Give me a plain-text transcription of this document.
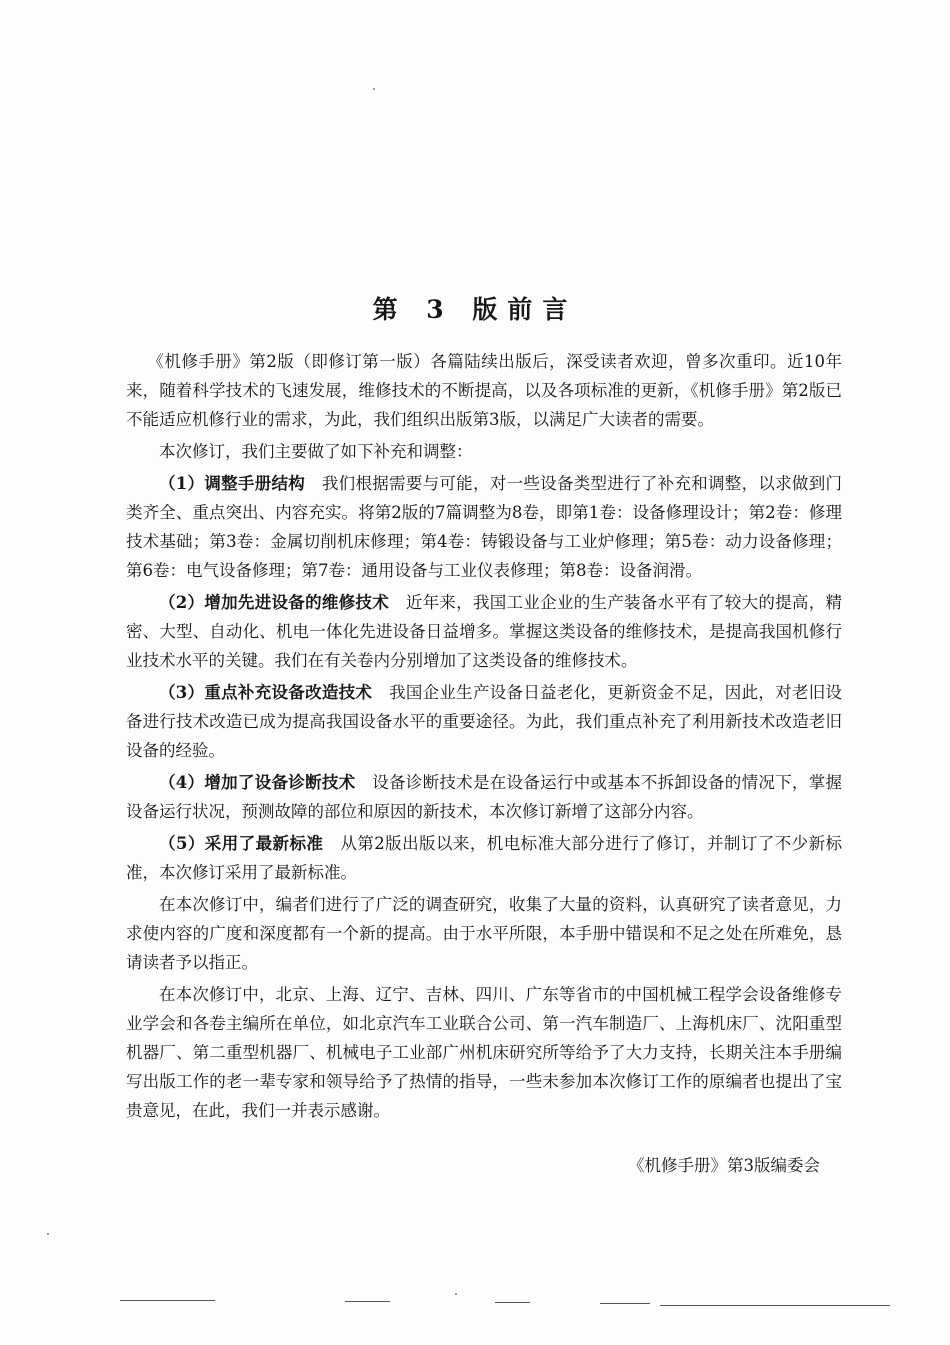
第 3 版前言

《机修手册》第2版（即修订第一版）各篇陆续出版后，深受读者欢迎，曾多次重印。近10年来，随着科学技术的飞速发展，维修技术的不断提高，以及各项标准的更新，《机修手册》第2版已不能适应机修行业的需求，为此，我们组织出版第3版，以满足广大读者的需要。

本次修订，我们主要做了如下补充和调整：

（1）调整手册结构　 我们根据需要与可能，对一些设备类型进行了补充和调整，以求做到门类齐全、重点突出、内容充实。将第2版的7篇调整为8卷，即第1卷：设备修理设计；第2卷：修理技术基础；第3卷：金属切削机床修理；第4卷：铸锻设备与工业炉修理；第5卷：动力设备修理；第6卷：电气设备修理；第7卷：通用设备与工业仪表修理；第8卷：设备润滑。

（2）增加先进设备的维修技术　 近年来，我国工业企业的生产装备水平有了较大的提高，精密、大型、自动化、机电一体化先进设备日益增多。掌握这类设备的维修技术，是提高我国机修行业技术水平的关键。我们在有关卷内分别增加了这类设备的维修技术。

（3）重点补充设备改造技术　 我国企业生产设备日益老化，更新资金不足，因此，对老旧设备进行技术改造已成为提高我国设备水平的重要途径。为此，我们重点补充了利用新技术改造老旧设备的经验。

（4）增加了设备诊断技术　 设备诊断技术是在设备运行中或基本不拆卸设备的情况下，掌握设备运行状况，预测故障的部位和原因的新技术，本次修订新增了这部分内容。

（5）采用了最新标准　 从第2版出版以来，机电标准大部分进行了修订，并制订了不少新标准，本次修订采用了最新标准。

在本次修订中，编者们进行了广泛的调查研究，收集了大量的资料，认真研究了读者意见，力求使内容的广度和深度都有一个新的提高。由于水平所限，本手册中错误和不足之处在所难免，恳请读者予以指正。

在本次修订中，北京、上海、辽宁、吉林、四川、广东等省市的中国机械工程学会设备维修专业学会和各卷主编所在单位，如北京汽车工业联合公司、第一汽车制造厂、上海机床厂、沈阳重型机器厂、第二重型机器厂、机械电子工业部广州机床研究所等给予了大力支持，长期关注本手册编写出版工作的老一辈专家和领导给予了热情的指导，一些未参加本次修订工作的原编者也提出了宝贵意见，在此，我们一并表示感谢。

《机修手册》第3版编委会
